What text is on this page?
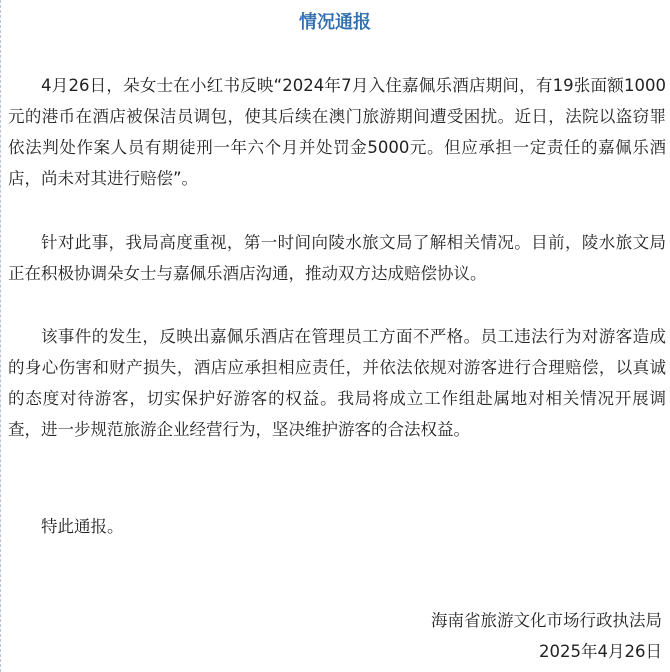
情况通报

4月26日，朵女士在小红书反映“2024年7月入住嘉佩乐酒店期间，有19张面额1000元的港币在酒店被保洁员调包，使其后续在澳门旅游期间遭受困扰。近日，法院以盗窃罪依法判处作案人员有期徒刑一年六个月并处罚金5000元。但应承担一定责任的嘉佩乐酒店，尚未对其进行赔偿”。

针对此事，我局高度重视，第一时间向陵水旅文局了解相关情况。目前，陵水旅文局正在积极协调朵女士与嘉佩乐酒店沟通，推动双方达成赔偿协议。

该事件的发生，反映出嘉佩乐酒店在管理员工方面不严格。员工违法行为对游客造成的身心伤害和财产损失，酒店应承担相应责任，并依法依规对游客进行合理赔偿，以真诚的态度对待游客，切实保护好游客的权益。我局将成立工作组赴属地对相关情况开展调查，进一步规范旅游企业经营行为，坚决维护游客的合法权益。

特此通报。

海南省旅游文化市场行政执法局

2025年4月26日
